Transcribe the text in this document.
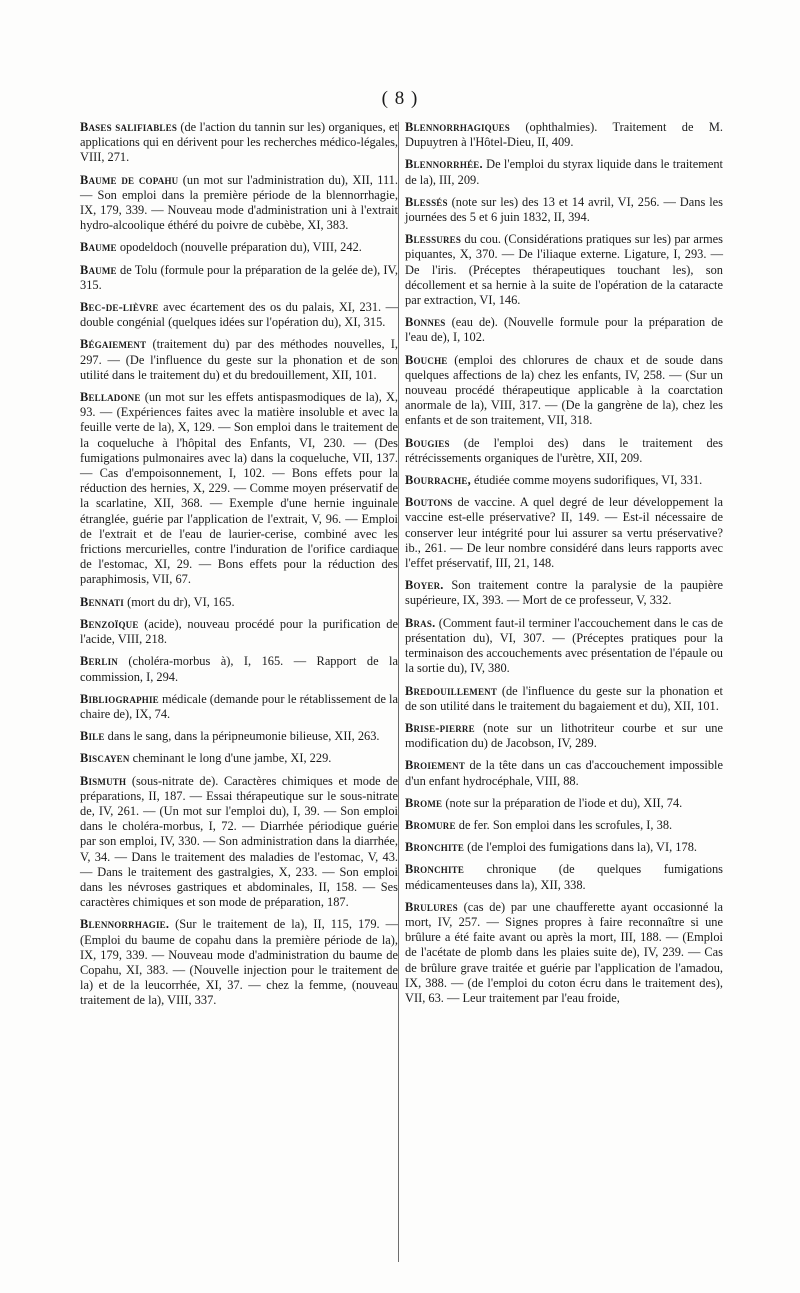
( 8 )

Bases salifiables (de l'action du tannin sur les) organiques, et applications qui en dérivent pour les recherches médico-légales, VIII, 271.

Baume de copahu (un mot sur l'administration du), XII, 111. — Son emploi dans la première période de la blennorrhagie, IX, 179, 339. — Nouveau mode d'administration uni à l'extrait hydro-alcoolique éthéré du poivre de cubèbe, XI, 383.

Baume opodeldoch (nouvelle préparation du), VIII, 242.

Baume de Tolu (formule pour la préparation de la gelée de), IV, 315.

Bec-de-lièvre avec écartement des os du palais, XI, 231. — double congénial (quelques idées sur l'opération du), XI, 315.

Bégaiement (traitement du) par des méthodes nouvelles, I, 297. — (De l'influence du geste sur la phonation et de son utilité dans le traitement du) et du bredouillement, XII, 101.

Belladone (un mot sur les effets antispasmodiques de la), X, 93. — (Expériences faites avec la matière insoluble et avec la feuille verte de la), X, 129. — Son emploi dans le traitement de la coqueluche à l'hôpital des Enfants, VI, 230. — (Des fumigations pulmonaires avec la) dans la coqueluche, VII, 137. — Cas d'empoisonnement, I, 102. — Bons effets pour la réduction des hernies, X, 229. — Comme moyen préservatif de la scarlatine, XII, 368. — Exemple d'une hernie inguinale étranglée, guérie par l'application de l'extrait, V, 96. — Emploi de l'extrait et de l'eau de laurier-cerise, combiné avec les frictions mercurielles, contre l'induration de l'orifice cardiaque de l'estomac, XI, 29. — Bons effets pour la réduction des paraphimosis, VII, 67.

Bennati (mort du dr), VI, 165.

Benzoïque (acide), nouveau procédé pour la purification de l'acide, VIII, 218.

Berlin (choléra-morbus à), I, 165. — Rapport de la commission, I, 294.

Bibliographie médicale (demande pour le rétablissement de la chaire de), IX, 74.

Bile dans le sang, dans la péripneumonie bilieuse, XII, 263.

Biscayen cheminant le long d'une jambe, XI, 229.

Bismuth (sous-nitrate de). Caractères chimiques et mode de préparations, II, 187. — Essai thérapeutique sur le sous-nitrate de, IV, 261. — (Un mot sur l'emploi du), I, 39. — Son emploi dans le choléra-morbus, I, 72. — Diarrhée périodique guérie par son emploi, IV, 330. — Son administration dans la diarrhée, V, 34. — Dans le traitement des maladies de l'estomac, V, 43. — Dans le traitement des gastralgies, X, 233. — Son emploi dans les névroses gastriques et abdominales, II, 158. — Ses caractères chimiques et son mode de préparation, 187.

Blennorrhagie. (Sur le traitement de la), II, 115, 179. — (Emploi du baume de copahu dans la première période de la), IX, 179, 339. — Nouveau mode d'administration du baume de Copahu, XI, 383. — (Nouvelle injection pour le traitement de la) et de la leucorrhée, XI, 37. — chez la femme, (nouveau traitement de la), VIII, 337.

Blennorrhagiques (ophthalmies). Traitement de M. Dupuytren à l'Hôtel-Dieu, II, 409.

Blennorrhée. De l'emploi du styrax liquide dans le traitement de la), III, 209.

Blessés (note sur les) des 13 et 14 avril, VI, 256. — Dans les journées des 5 et 6 juin 1832, II, 394.

Blessures du cou. (Considérations pratiques sur les) par armes piquantes, X, 370. — De l'iliaque externe. Ligature, I, 293. — De l'iris. (Préceptes thérapeutiques touchant les), son décollement et sa hernie à la suite de l'opération de la cataracte par extraction, VI, 146.

Bonnes (eau de). (Nouvelle formule pour la préparation de l'eau de), I, 102.

Bouche (emploi des chlorures de chaux et de soude dans quelques affections de la) chez les enfants, IV, 258. — (Sur un nouveau procédé thérapeutique applicable à la coarctation anormale de la), VIII, 317. — (De la gangrène de la), chez les enfants et de son traitement, VII, 318.

Bougies (de l'emploi des) dans le traitement des rétrécissements organiques de l'urètre, XII, 209.

Bourrache, étudiée comme moyens sudorifiques, VI, 331.

Boutons de vaccine. A quel degré de leur développement la vaccine est-elle préservative? II, 149. — Est-il nécessaire de conserver leur intégrité pour lui assurer sa vertu préservative? ib., 261. — De leur nombre considéré dans leurs rapports avec l'effet préservatif, III, 21, 148.

Boyer. Son traitement contre la paralysie de la paupière supérieure, IX, 393. — Mort de ce professeur, V, 332.

Bras. (Comment faut-il terminer l'accouchement dans le cas de présentation du), VI, 307. — (Préceptes pratiques pour la terminaison des accouchements avec présentation de l'épaule ou la sortie du), IV, 380.

Bredouillement (de l'influence du geste sur la phonation et de son utilité dans le traitement du bagaiement et du), XII, 101.

Brise-pierre (note sur un lithotriteur courbe et sur une modification du) de Jacobson, IV, 289.

Broiement de la tête dans un cas d'accouchement impossible d'un enfant hydrocéphale, VIII, 88.

Brome (note sur la préparation de l'iode et du), XII, 74.

Bromure de fer. Son emploi dans les scrofules, I, 38.

Bronchite (de l'emploi des fumigations dans la), VI, 178.

Bronchite chronique (de quelques fumigations médicamenteuses dans la), XII, 338.

Brulures (cas de) par une chaufferette ayant occasionné la mort, IV, 257. — Signes propres à faire reconnaître si une brûlure a été faite avant ou après la mort, III, 188. — (Emploi de l'acétate de plomb dans les plaies suite de), IV, 239. — Cas de brûlure grave traitée et guérie par l'application de l'amadou, IX, 388. — (de l'emploi du coton écru dans le traitement des), VII, 63. — Leur traitement par l'eau froide,
